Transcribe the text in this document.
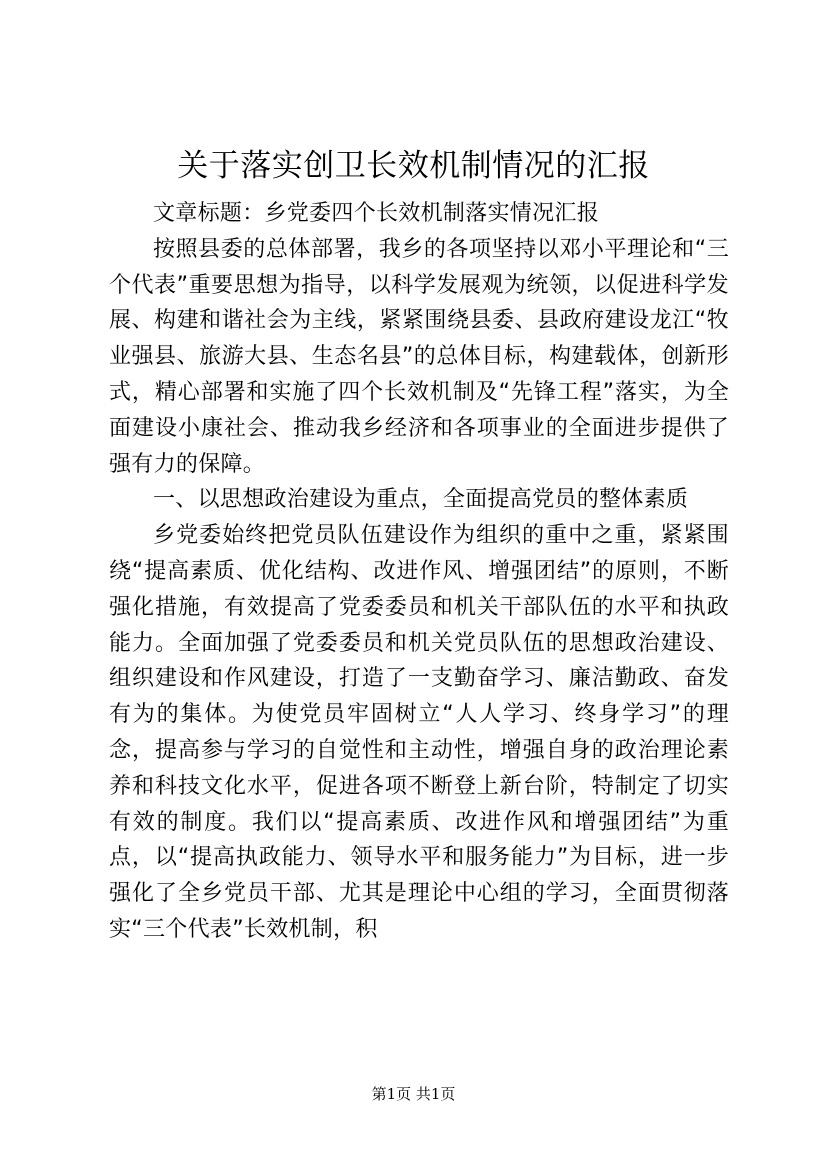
关于落实创卫长效机制情况的汇报

文章标题：乡党委四个长效机制落实情况汇报

按照县委的总体部署，我乡的各项坚持以邓小平理论和“三个代表”重要思想为指导，以科学发展观为统领，以促进科学发展、构建和谐社会为主线，紧紧围绕县委、县政府建设龙江“牧业强县、旅游大县、生态名县”的总体目标，构建载体，创新形式，精心部署和实施了四个长效机制及“先锋工程”落实，为全面建设小康社会、推动我乡经济和各项事业的全面进步提供了强有力的保障。

一、以思想政治建设为重点，全面提高党员的整体素质

乡党委始终把党员队伍建设作为组织的重中之重，紧紧围绕“提高素质、优化结构、改进作风、增强团结”的原则，不断强化措施，有效提高了党委委员和机关干部队伍的水平和执政能力。全面加强了党委委员和机关党员队伍的思想政治建设、组织建设和作风建设，打造了一支勤奋学习、廉洁勤政、奋发有为的集体。为使党员牢固树立“人人学习、终身学习”的理念，提高参与学习的自觉性和主动性，增强自身的政治理论素养和科技文化水平，促进各项不断登上新台阶，特制定了切实有效的制度。我们以“提高素质、改进作风和增强团结”为重点，以“提高执政能力、领导水平和服务能力”为目标，进一步强化了全乡党员干部、尤其是理论中心组的学习，全面贯彻落实“三个代表”长效机制，积

第1页 共1页
